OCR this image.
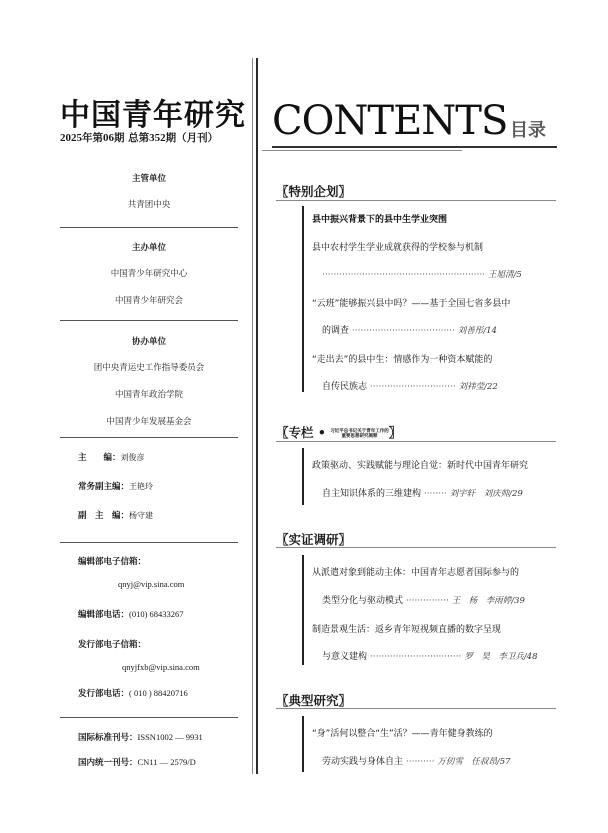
中国青年研究
2025年第06期 总第352期（月刊）
主管单位
共青团中央
主办单位
中国青少年研究中心
中国青少年研究会
协办单位
团中央青运史工作指导委员会
中国青年政治学院
中国青少年发展基金会
主　　编：刘俊彦
常务副主编：王艳玲
副　主　编：杨守建
编辑部电子信箱：
qnyj@vip.sina.com
编辑部电话：(010) 68433267
发行部电子信箱：
qnyjfxb@vip.sina.com
发行部电话：( 010 ) 88420716
国际标准刊号：ISSN1002 — 9931
国内统一刊号：CN11 — 2579/D
CONTENTS 目录
〖特别企划〗
县中振兴背景下的县中生学业突围
县中农村学生学业成就获得的学校参与机制
························································· 王旭清/5
“云班”能够振兴县中吗？——基于全国七省多县中
的调查 ···································· 刘善彤/14
“走出去”的县中生：情感作为一种资本赋能的
自传民族志 ······························ 刘祎莹/22
〖专栏 • 习近平总书记关于青年工作的
重要思想研究阐释 〗
政策驱动、实践赋能与理论自觉：新时代中国青年研究
自主知识体系的三维建构 ········ 刘宇轩　刘庆帅/29
〖实证调研〗
从派遣对象到能动主体：中国青年志愿者国际参与的
类型分化与驱动模式 ··············· 王　杨　李雨婷/39
制造景观生活：返乡青年短视频直播的数字呈现
与意义建构 ································ 罗　昊　李卫兵/48
〖典型研究〗
“身”活何以整合“生”活？——青年健身教练的
劳动实践与身体自主 ·········· 万仞雪　任叔昂/57
